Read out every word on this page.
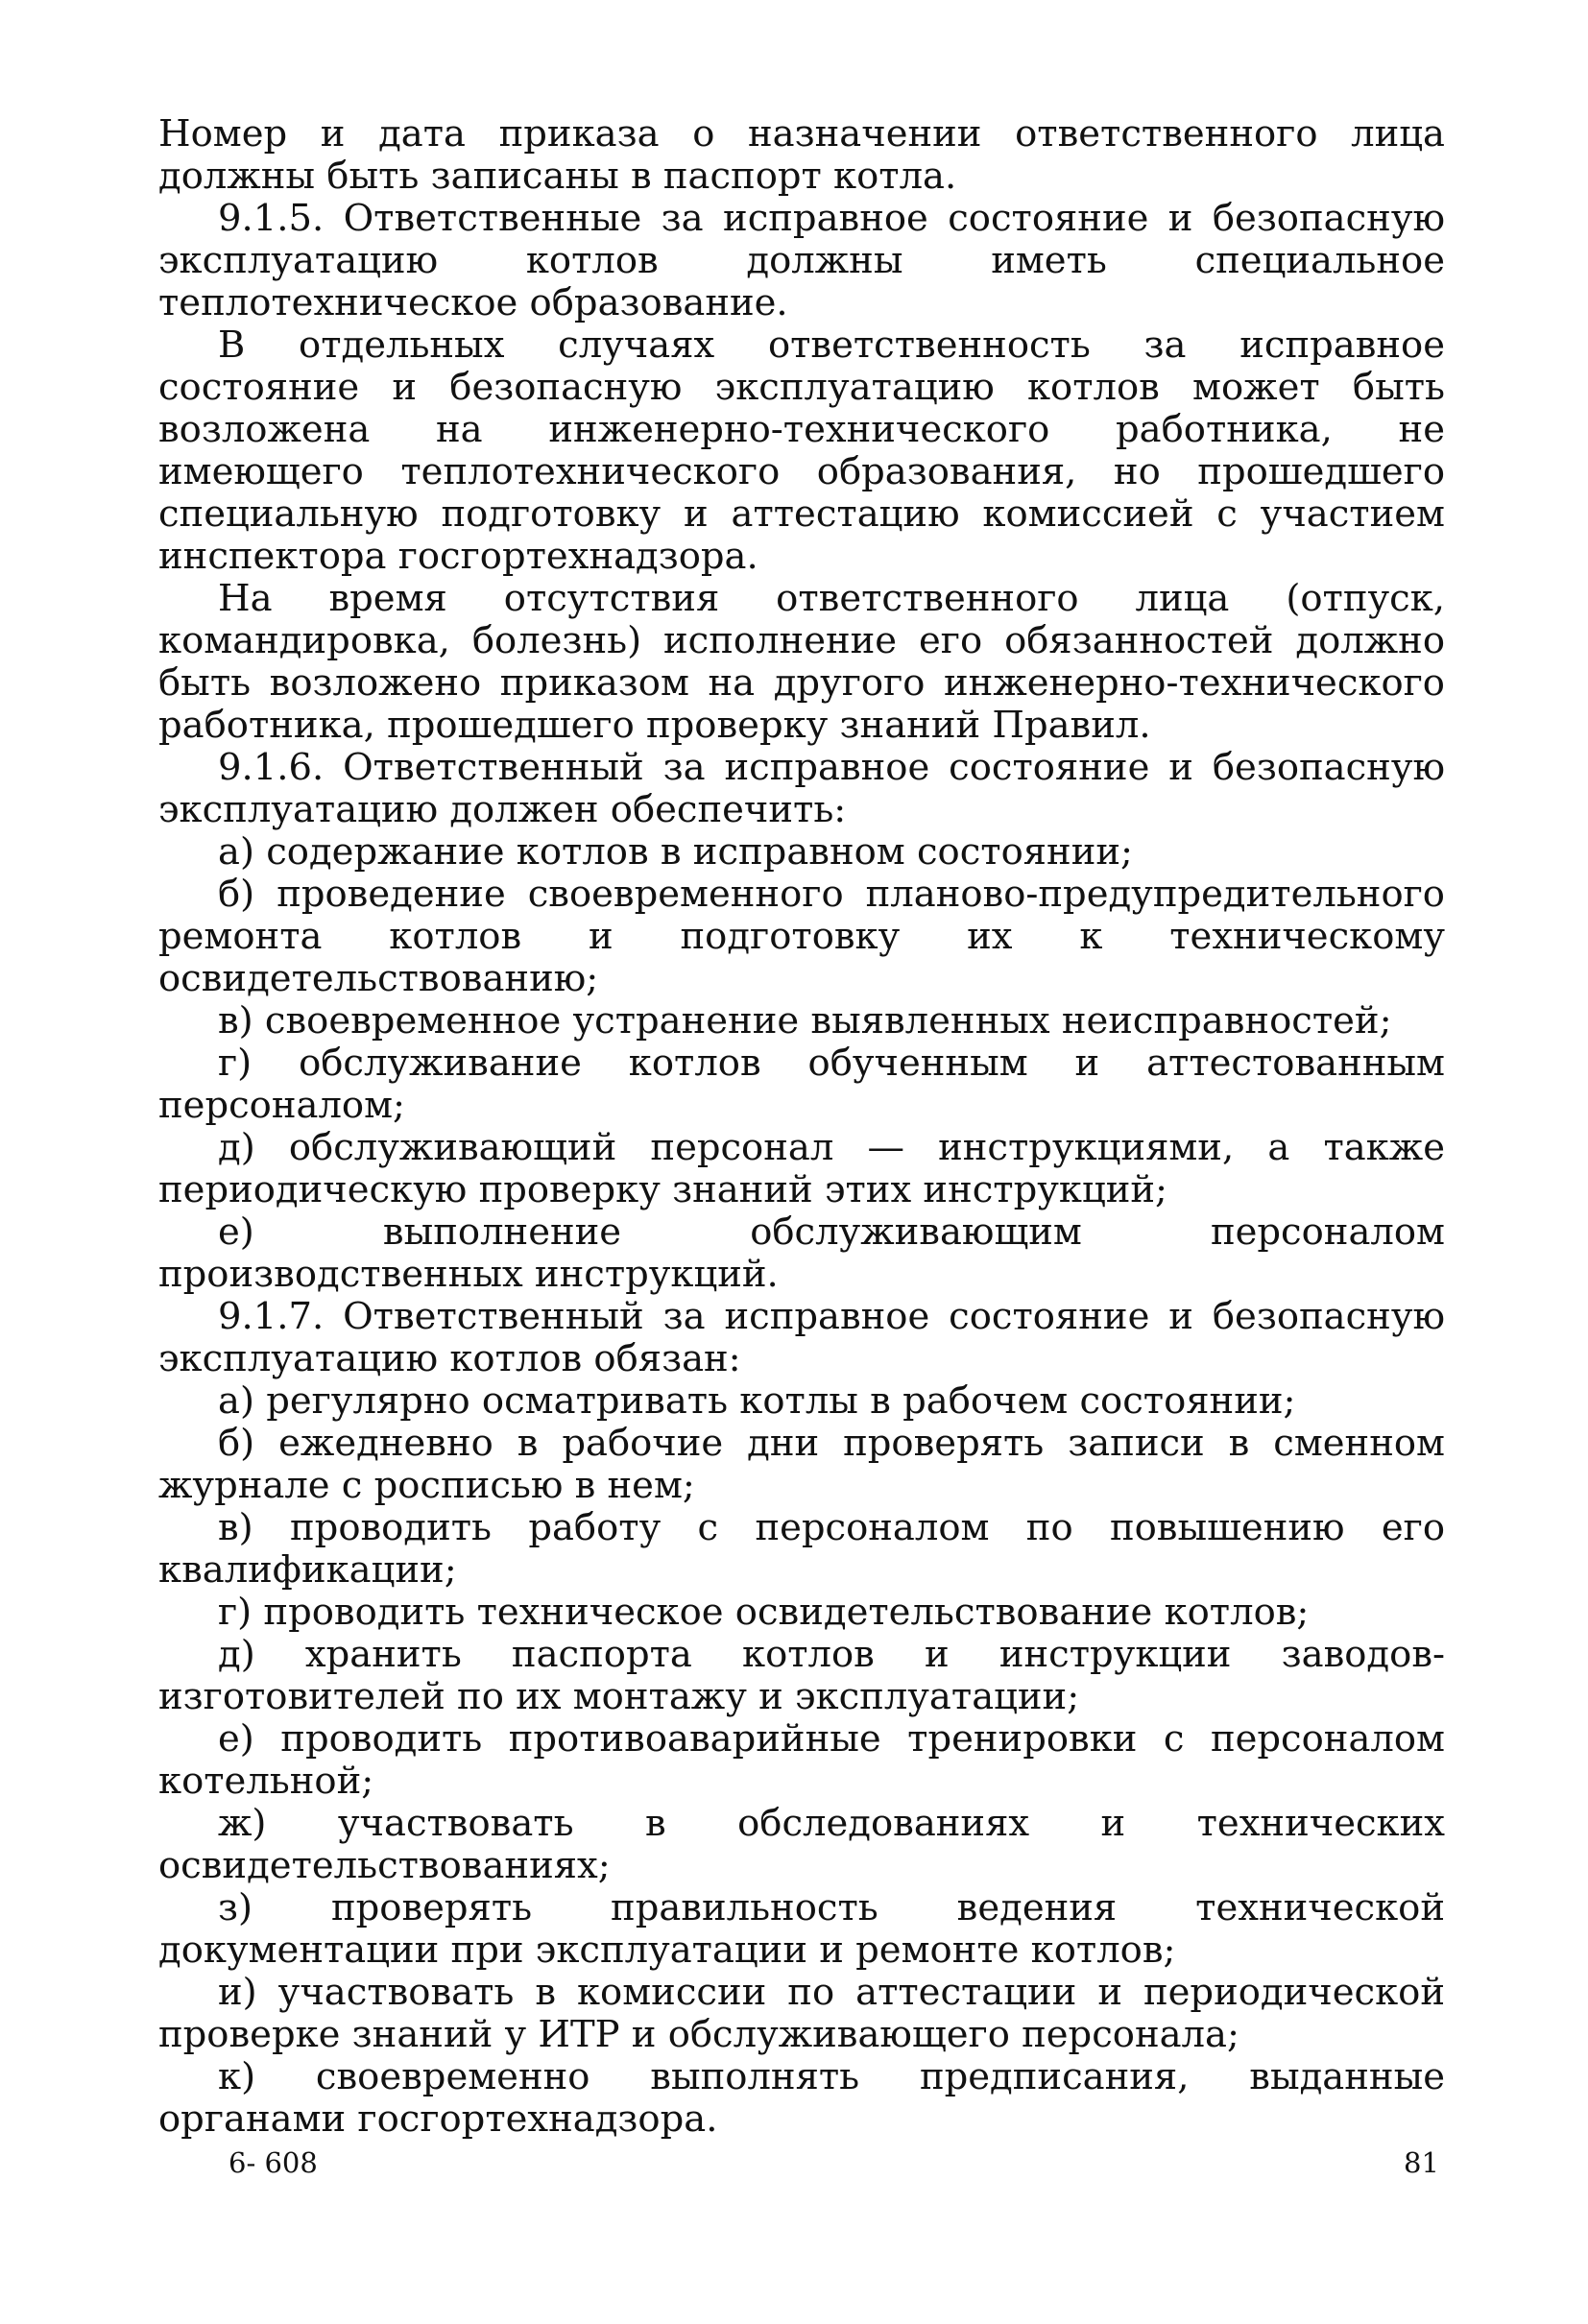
Номер и дата приказа о назначении ответственного лица должны быть записаны в паспорт котла.

9.1.5. Ответственные за исправное состояние и безопасную эксплуатацию котлов должны иметь специальное теплотехническое образование.

В отдельных случаях ответственность за исправное состояние и безопасную эксплуатацию котлов может быть возложена на инженерно-технического работника, не имеющего теплотехнического образования, но прошедшего специальную подготовку и аттестацию комиссией с участием инспектора госгортехнадзора.

На время отсутствия ответственного лица (отпуск, командировка, болезнь) исполнение его обязанностей должно быть возложено приказом на другого инженерно-технического работника, прошедшего проверку знаний Правил.

9.1.6. Ответственный за исправное состояние и безопасную эксплуатацию должен обеспечить:

а) содержание котлов в исправном состоянии;

б) проведение своевременного планово-предупредительного ремонта котлов и подготовку их к техническому освидетельствованию;

в) своевременное устранение выявленных неисправностей;

г) обслуживание котлов обученным и аттестованным персоналом;

д) обслуживающий персонал — инструкциями, а также периодическую проверку знаний этих инструкций;

е) выполнение обслуживающим персоналом производственных инструкций.

9.1.7. Ответственный за исправное состояние и безопасную эксплуатацию котлов обязан:

а) регулярно осматривать котлы в рабочем состоянии;

б) ежедневно в рабочие дни проверять записи в сменном журнале с росписью в нем;

в) проводить работу с персоналом по повышению его квалификации;

г) проводить техническое освидетельствование котлов;

д) хранить паспорта котлов и инструкции заводов-изготовителей по их монтажу и эксплуатации;

е) проводить противоаварийные тренировки с персоналом котельной;

ж) участвовать в обследованиях и технических освидетельствованиях;

з) проверять правильность ведения технической документации при эксплуатации и ремонте котлов;

и) участвовать в комиссии по аттестации и периодической проверке знаний у ИТР и обслуживающего персонала;

к) своевременно выполнять предписания, выданные органами госгортехнадзора.

6- 608	81
